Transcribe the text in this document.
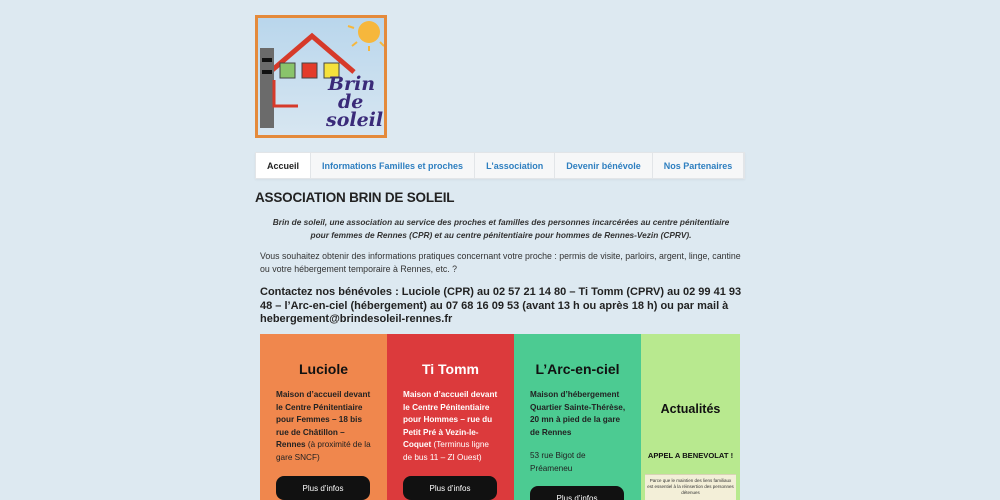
Brin
de
soleil
Accueil	Informations Familles et proches	L'association	Devenir bénévole	Nos Partenaires
ASSOCIATION BRIN DE SOLEIL

Brin de soleil, une association au service des proches et familles des personnes incarcérées au centre pénitentiaire pour femmes de Rennes (CPR) et au centre pénitentiaire pour hommes de Rennes-Vezin (CPRV).

Vous souhaitez obtenir des informations pratiques concernant votre proche : permis de visite, parloirs, argent, linge, cantine ou votre hébergement temporaire à Rennes, etc. ?

Contactez nos bénévoles : Luciole (CPR) au 02 57 21 14 80 – Ti Tomm (CPRV) au 02 99 41 93 48 – l’Arc-en-ciel (hébergement) au 07 68 16 09 53 (avant 13 h ou après 18 h) ou par mail à hebergement@brindesoleil-rennes.fr

Luciole
Maison d’accueil devant le Centre Pénitentiaire pour Femmes – 18 bis rue de Châtillon – Rennes (à proximité de la gare SNCF)
Plus d’infos
Ti Tomm
Maison d’accueil devant le Centre Pénitentiaire pour Hommes – rue du Petit Pré à Vezin-le-Coquet (Terminus ligne de bus 11 – ZI Ouest)
Plus d’infos
L’Arc-en-ciel
Maison d’hébergement Quartier Sainte-Thérèse, 20 mn à pied de la gare de Rennes
53 rue Bigot de Préameneu
Plus d’infos
Actualités
APPEL A BENEVOLAT !
Parce que le maintien des liens familiaux est essentiel à la réinsertion des personnes détenues
